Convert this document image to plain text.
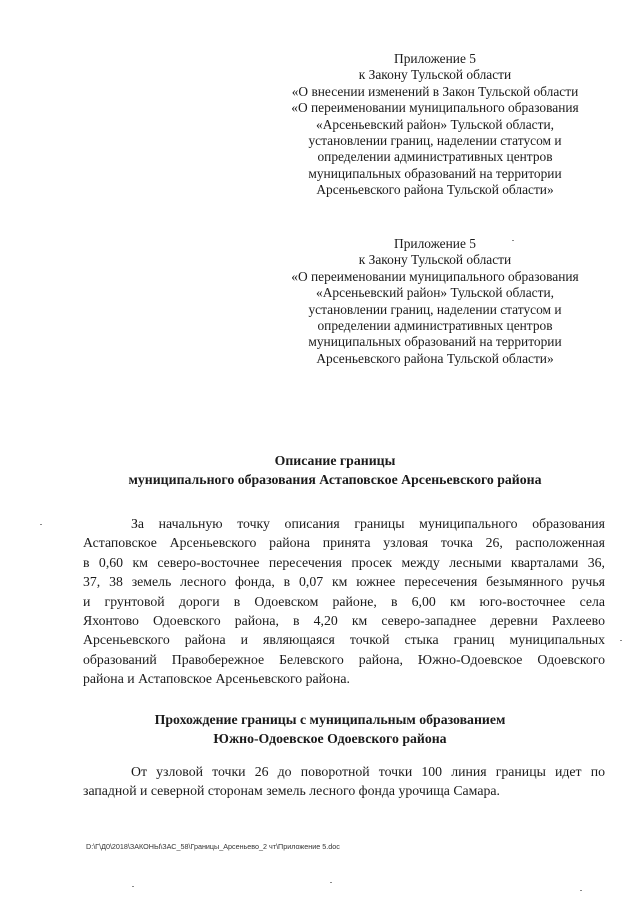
Приложение 5
к Закону Тульской области
«О внесении изменений в Закон Тульской области
«О переименовании муниципального образования
«Арсеньевский район» Тульской области,
установлении границ, наделении статусом и
определении административных центров
муниципальных образований на территории
Арсеньевского района Тульской области»
Приложение 5
к Закону Тульской области
«О переименовании муниципального образования
«Арсеньевский район» Тульской области,
установлении границ, наделении статусом и
определении административных центров
муниципальных образований на территории
Арсеньевского района Тульской области»
Описание границы
муниципального образования Астаповское Арсеньевского района
За начальную точку описания границы муниципального образования
Астаповское Арсеньевского района принята узловая точка 26, расположенная
в 0,60 км северо-восточнее пересечения просек между лесными кварталами 36,
37, 38 земель лесного фонда, в 0,07 км южнее пересечения безымянного ручья
и грунтовой дороги в Одоевском районе, в 6,00 км юго-восточнее села
Яхонтово Одоевского района, в 4,20 км северо-западнее деревни Рахлеево
Арсеньевского района и являющаяся точкой стыка границ муниципальных
образований Правобережное Белевского района, Южно-Одоевское Одоевского
района и Астаповское Арсеньевского района.
Прохождение границы с муниципальным образованием
Южно-Одоевское Одоевского района
От узловой точки 26 до поворотной точки 100 линия границы идет по
западной и северной сторонам земель лесного фонда урочища Самара.
D:\Г\Д0\2018\ЗАКОНЫ\ЗАС_58\Границы_Арсеньево_2 чт\Приложение 5.doc
